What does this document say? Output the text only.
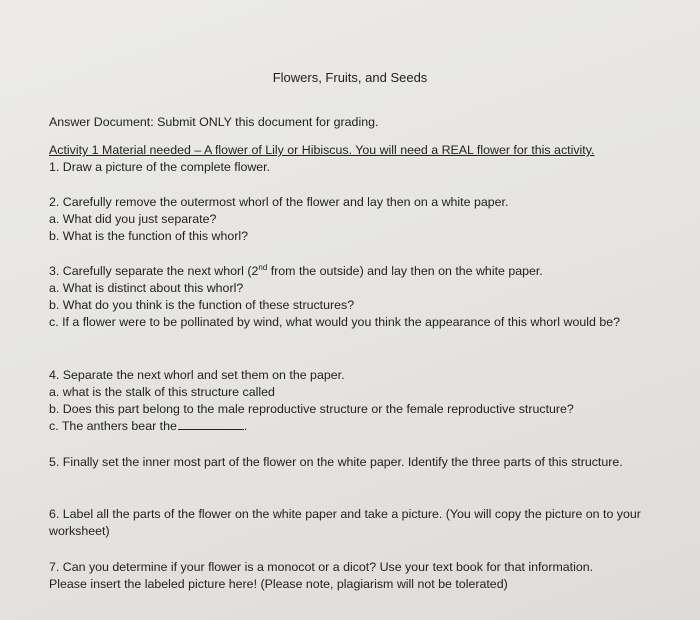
Flowers, Fruits, and Seeds
Answer Document: Submit ONLY this document for grading.
Activity 1 Material needed – A flower of Lily or Hibiscus. You will need a REAL flower for this activity.
1. Draw a picture of the complete flower.
2. Carefully remove the outermost whorl of the flower and lay then on a white paper.
a. What did you just separate?
b. What is the function of this whorl?
3. Carefully separate the next whorl (2nd from the outside) and lay then on the white paper.
a. What is distinct about this whorl?
b. What do you think is the function of these structures?
c. If a flower were to be pollinated by wind, what would you think the appearance of this whorl would be?
4. Separate the next whorl and set them on the paper.
a. what is the stalk of this structure called
b. Does this part belong to the male reproductive structure or the female reproductive structure?
c. The anthers bear the	.
5. Finally set the inner most part of the flower on the white paper. Identify the three parts of this structure.
6. Label all the parts of the flower on the white paper and take a picture. (You will copy the picture on to your worksheet)
7. Can you determine if your flower is a monocot or a dicot? Use your text book for that information.
Please insert the labeled picture here! (Please note, plagiarism will not be tolerated)
